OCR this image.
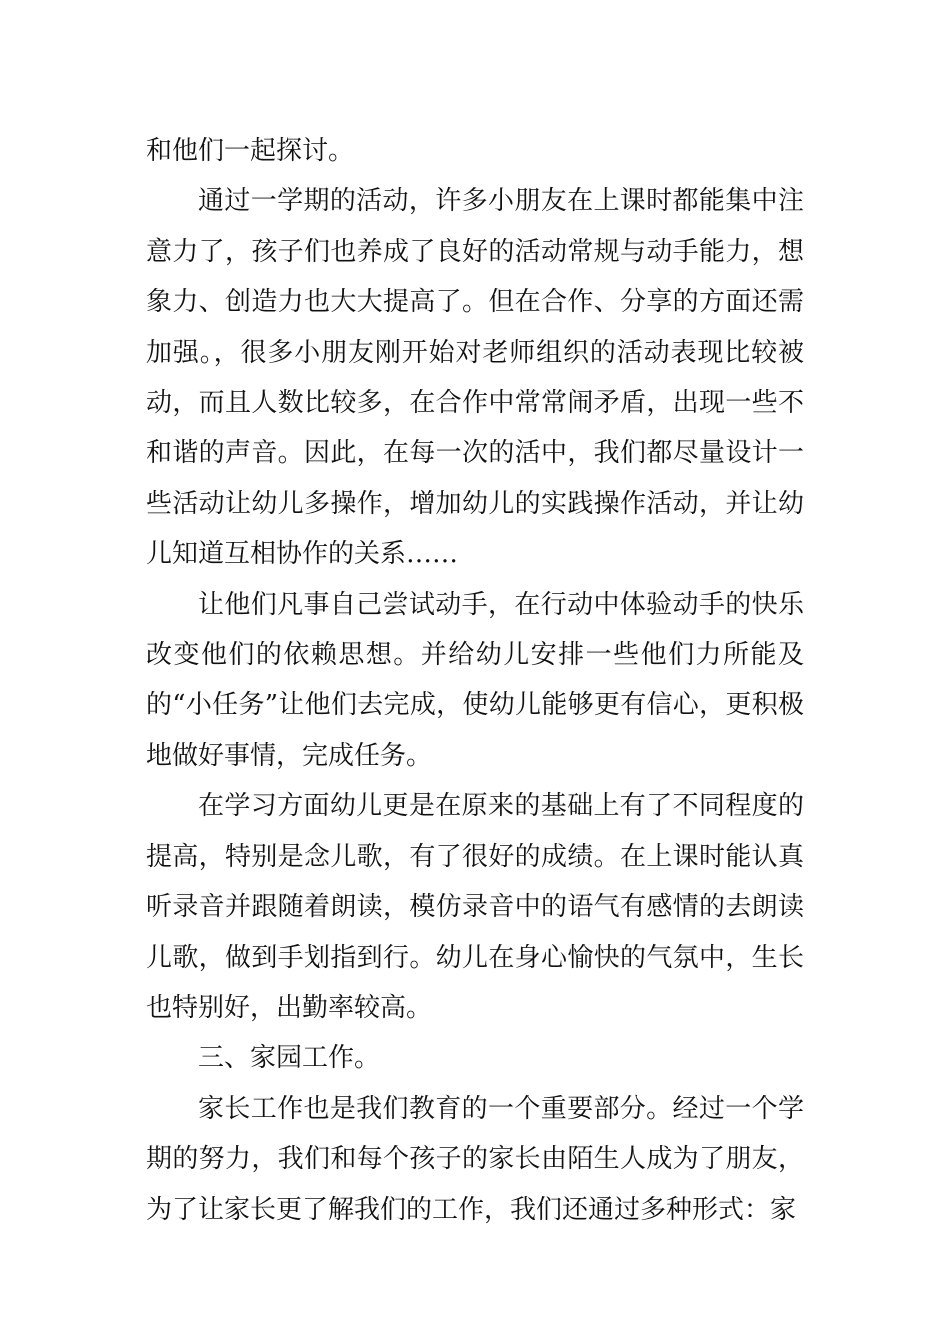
和他们一起探讨。

通过一学期的活动，许多小朋友在上课时都能集中注意力了，孩子们也养成了良好的活动常规与动手能力，想象力、创造力也大大提高了。但在合作、分享的方面还需加强。，很多小朋友刚开始对老师组织的活动表现比较被动，而且人数比较多，在合作中常常闹矛盾，出现一些不和谐的声音。因此，在每一次的活中，我们都尽量设计一些活动让幼儿多操作，增加幼儿的实践操作活动，并让幼儿知道互相协作的关系……

让他们凡事自己尝试动手，在行动中体验动手的快乐改变他们的依赖思想。并给幼儿安排一些他们力所能及的“小任务”让他们去完成，使幼儿能够更有信心，更积极地做好事情，完成任务。

在学习方面幼儿更是在原来的基础上有了不同程度的提高，特别是念儿歌，有了很好的成绩。在上课时能认真听录音并跟随着朗读，模仿录音中的语气有感情的去朗读儿歌，做到手划指到行。幼儿在身心愉快的气氛中，生长也特别好，出勤率较高。

三、家园工作。

家长工作也是我们教育的一个重要部分。经过一个学期的努力，我们和每个孩子的家长由陌生人成为了朋友，为了让家长更了解我们的工作，我们还通过多种形式：家
